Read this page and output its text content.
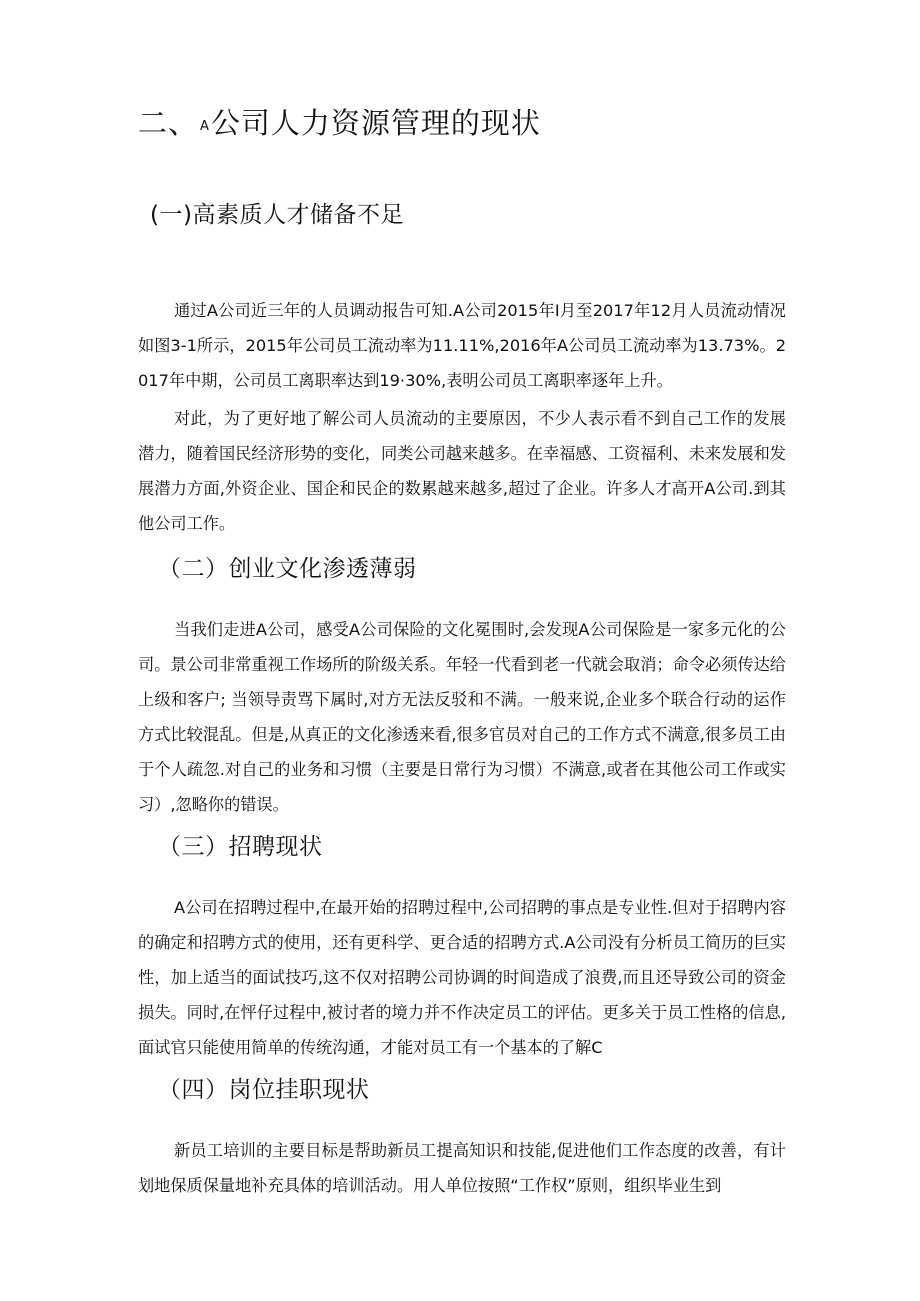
二、 A公司人力资源管理的现状
(一)高素质人才储备不足

通过A公司近三年的人员调动报告可知.A公司2015年I月至2017年12月人员流动情况如图3-1所示，2015年公司员工流动率为11.11%,2016年A公司员工流动率为13.73%。2017年中期，公司员工离职率达到19·30%,表明公司员工离职率逐年上升。

对此，为了更好地了解公司人员流动的主要原因，不少人表示看不到自己工作的发展潜力，随着国民经济形势的变化，同类公司越来越多。在幸福感、工资福利、未来发展和发展潜力方面,外资企业、国企和民企的数累越来越多,超过了企业。许多人才高开A公司.到其他公司工作。

（二）创业文化渗透薄弱

当我们走进A公司，感受A公司保险的文化冕围时,会发现A公司保险是一家多元化的公司。景公司非常重视工作场所的阶级关系。年轻一代看到老一代就会取消；命令必须传达给上级和客户; 当领导责骂下属时,对方无法反驳和不满。一般来说,企业多个联合行动的运作方式比较混乱。但是,从真正的文化渗透来看,很多官员对自己的工作方式不满意,很多员工由于个人疏忽.对自己的业务和习惯（主要是日常行为习惯）不满意,或者在其他公司工作或实习）,忽略你的错误。

（三）招聘现状

A公司在招聘过程中,在最开始的招聘过程中,公司招聘的事点是专业性.但对于招聘内容的确定和招聘方式的使用，还有更科学、更合适的招聘方式.A公司没有分析员工简历的巨实性，加上适当的面试技巧,这不仅对招聘公司协调的时间造成了浪费,而且还导致公司的资金损失。同时,在怦仔过程中,被讨者的境力并不作决定员工的评估。更多关于员工性格的信息,面试官只能使用简单的传统沟通，才能对员工有一个基本的了解C

（四）岗位挂职现状

新员工培训的主要目标是帮助新员工提高知识和技能,促进他们工作态度的改善，有计划地保质保量地补充具体的培训活动。用人单位按照“工作权”原则，组织毕业生到
